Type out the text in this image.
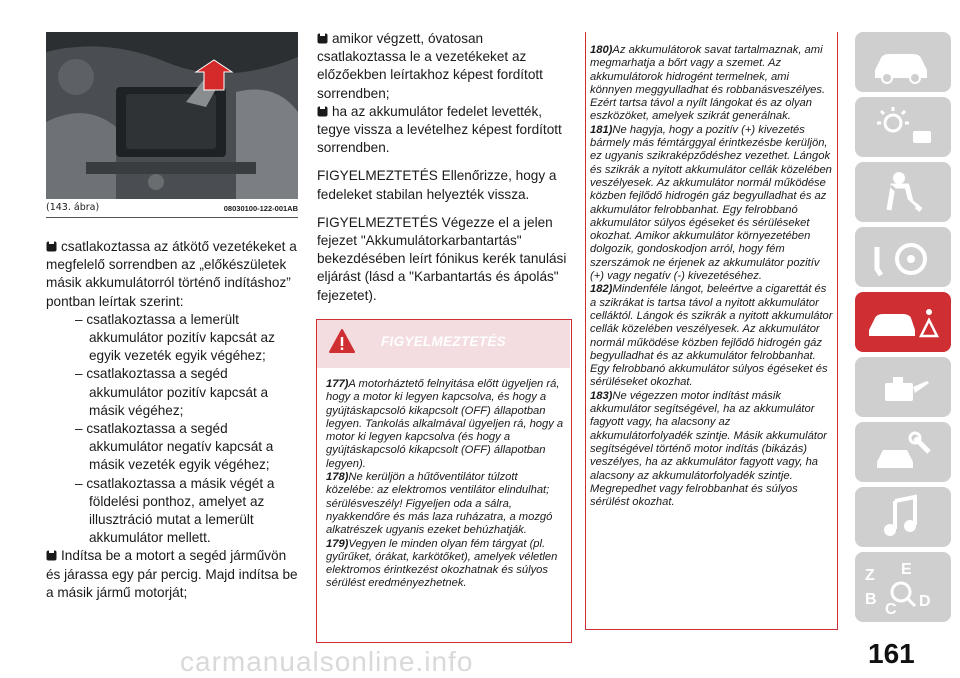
(143. ábra)	08030100-122-001AB

csatlakoztassa az átkötő vezetékeket a megfelelő sorrendben az „előkészületek másik akkumulátorról történő indításhoz” pontban leírtak szerint:

– csatlakoztassa a lemerült akkumulátor pozitív kapcsát az egyik vezeték egyik végéhez;
– csatlakoztassa a segéd akkumulátor pozitív kapcsát a másik végéhez;
– csatlakoztassa a segéd akkumulátor negatív kapcsát a másik vezeték egyik végéhez;
– csatlakoztassa a másik végét a földelési ponthoz, amelyet az illusztráció mutat a lemerült akkumulátor mellett.

Indítsa be a motort a segéd járművön és járassa egy pár percig. Majd indítsa be a másik jármű motorját;

amikor végzett, óvatosan csatlakoztassa le a vezetékeket az előzőekben leírtakhoz képest fordított sorrendben;

ha az akkumulátor fedelet levették, tegye vissza a levételhez képest fordított sorrendben.

FIGYELMEZTETÉS Ellenőrizze, hogy a fedeleket stabilan helyezték vissza.

FIGYELMEZTETÉS Végezze el a jelen fejezet "Akkumulátorkarbantartás" bekezdésében leírt fónikus kerék tanulási eljárást (lásd a "Karbantartás és ápolás" fejezetet).

FIGYELMEZTETÉS
177)A motorháztető felnyitása előtt ügyeljen rá, hogy a motor ki legyen kapcsolva, és hogy a gyújtáskapcsoló kikapcsolt (OFF) állapotban legyen. Tankolás alkalmával ügyeljen rá, hogy a motor ki legyen kapcsolva (és hogy a gyújtáskapcsoló kikapcsolt (OFF) állapotban legyen).
178)Ne kerüljön a hűtőventilátor túlzott közelébe: az elektromos ventilátor elindulhat; sérülésveszély! Figyeljen oda a sálra, nyakkendőre és más laza ruházatra, a mozgó alkatrészek ugyanis ezeket behúzhatják.
179)Vegyen le minden olyan fém tárgyat (pl. gyűrűket, órákat, karkötőket), amelyek véletlen elektromos érintkezést okozhatnak és súlyos sérülést eredményezhetnek.
180)Az akkumulátorok savat tartalmaznak, ami megmarhatja a bőrt vagy a szemet. Az akkumulátorok hidrogént termelnek, ami könnyen meggyulladhat és robbanásveszélyes. Ezért tartsa távol a nyílt lángokat és az olyan eszközöket, amelyek szikrát generálnak.
181)Ne hagyja, hogy a pozitív (+) kivezetés bármely más fémtárggyal érintkezésbe kerüljön, ez ugyanis szikraképződéshez vezethet. Lángok és szikrák a nyitott akkumulátor cellák közelében veszélyesek. Az akkumulátor normál működése közben fejlődő hidrogén gáz begyulladhat és az akkumulátor felrobbanhat. Egy felrobbanó akkumulátor súlyos égéseket és sérüléseket okozhat. Amikor akkumulátor környezetében dolgozik, gondoskodjon arról, hogy fém szerszámok ne érjenek az akkumulátor pozitív (+) vagy negatív (-) kivezetéséhez.
182)Mindenféle lángot, beleértve a cigarettát és a szikrákat is tartsa távol a nyitott akkumulátor celláktól. Lángok és szikrák a nyitott akkumulátor cellák közelében veszélyesek. Az akkumulátor normál működése közben fejlődő hidrogén gáz begyulladhat és az akkumulátor felrobbanhat. Egy felrobbanó akkumulátor súlyos égéseket és sérüléseket okozhat.
183)Ne végezzen motor indítást másik akkumulátor segítségével, ha az akkumulátor fagyott vagy, ha alacsony az akkumulátorfolyadék szintje. Másik akkumulátor segítségével történő motor indítás (bikázás) veszélyes, ha az akkumulátor fagyott vagy, ha alacsony az akkumulátorfolyadék szintje. Megrepedhet vagy felrobbanhat és súlyos sérülést okozhat.
Z E
B
C D
161
carmanualsonline.info
